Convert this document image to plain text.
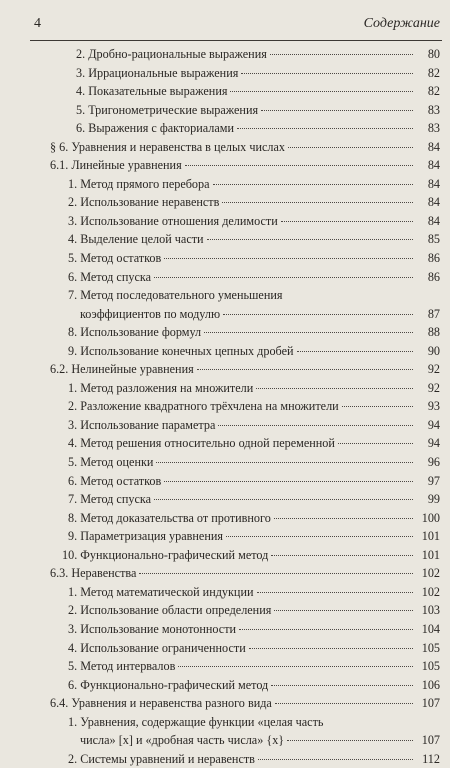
4	Содержание
2. Дробно-рациональные выражения	80
3. Иррациональные выражения	82
4. Показательные выражения	82
5. Тригонометрические выражения	83
6. Выражения с факториалами	83
§ 6. Уравнения и неравенства в целых числах	84
6.1. Линейные уравнения	84
1. Метод прямого перебора	84
2. Использование неравенств	84
3. Использование отношения делимости	84
4. Выделение целой части	85
5. Метод остатков	86
6. Метод спуска	86
7. Метод последовательного уменьшения
коэффициентов по модулю	87
8. Использование формул	88
9. Использование конечных цепных дробей	90
6.2. Нелинейные уравнения	92
1. Метод разложения на множители	92
2. Разложение квадратного трёхчлена на множители	93
3. Использование параметра	94
4. Метод решения относительно одной переменной	94
5. Метод оценки	96
6. Метод остатков	97
7. Метод спуска	99
8. Метод доказательства от противного	100
9. Параметризация уравнения	101
10. Функционально-графический метод	101
6.3. Неравенства	102
1. Метод математической индукции	102
2. Использование области определения	103
3. Использование монотонности	104
4. Использование ограниченности	105
5. Метод интервалов	105
6. Функционально-графический метод	106
6.4. Уравнения и неравенства разного вида	107
1. Уравнения, содержащие функции «целая часть
числа» [x] и «дробная часть числа» {x}	107
2. Системы уравнений и неравенств	112
